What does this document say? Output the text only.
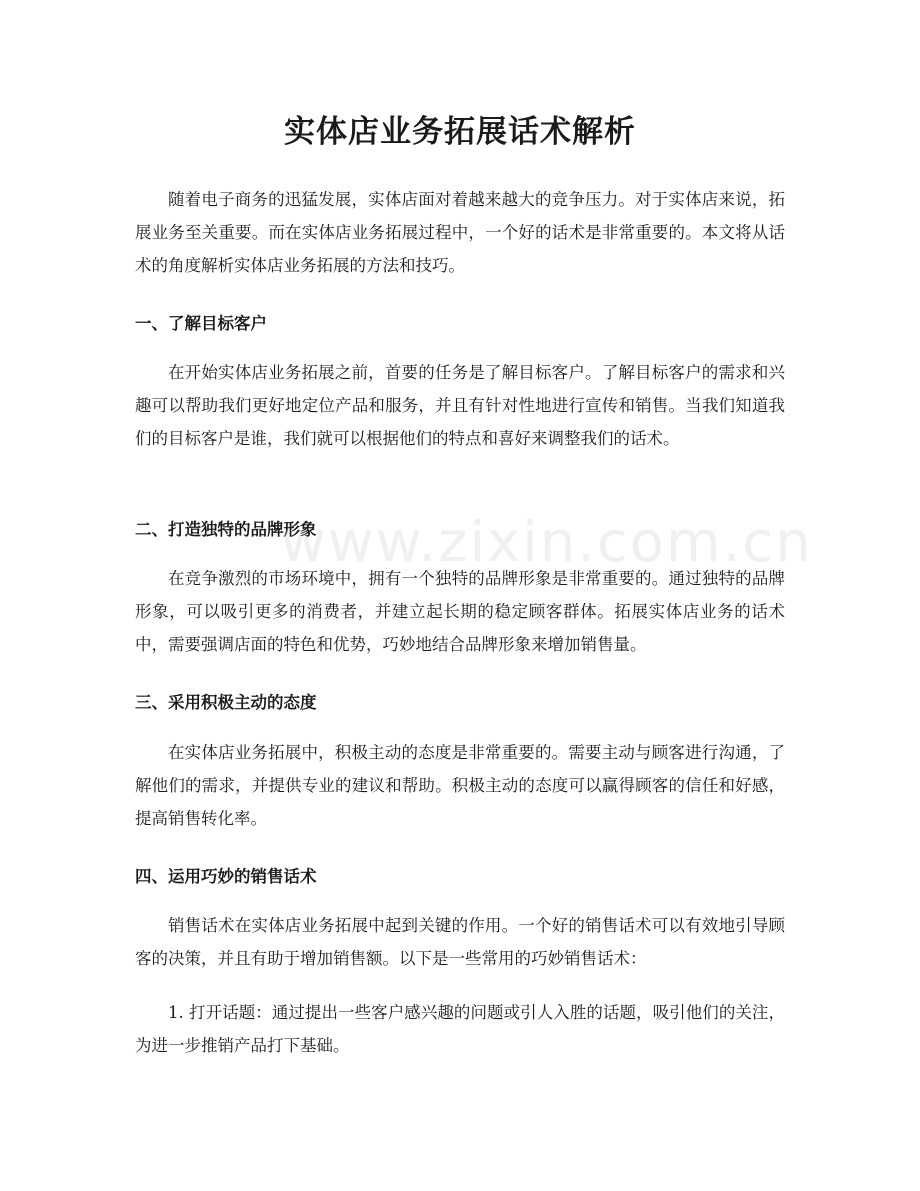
实体店业务拓展话术解析

随着电子商务的迅猛发展，实体店面对着越来越大的竞争压力。对于实体店来说，拓展业务至关重要。而在实体店业务拓展过程中，一个好的话术是非常重要的。本文将从话术的角度解析实体店业务拓展的方法和技巧。

一、了解目标客户

在开始实体店业务拓展之前，首要的任务是了解目标客户。了解目标客户的需求和兴趣可以帮助我们更好地定位产品和服务，并且有针对性地进行宣传和销售。当我们知道我们的目标客户是谁，我们就可以根据他们的特点和喜好来调整我们的话术。

二、打造独特的品牌形象

在竞争激烈的市场环境中，拥有一个独特的品牌形象是非常重要的。通过独特的品牌形象，可以吸引更多的消费者，并建立起长期的稳定顾客群体。拓展实体店业务的话术中，需要强调店面的特色和优势，巧妙地结合品牌形象来增加销售量。

三、采用积极主动的态度

在实体店业务拓展中，积极主动的态度是非常重要的。需要主动与顾客进行沟通，了解他们的需求，并提供专业的建议和帮助。积极主动的态度可以赢得顾客的信任和好感，提高销售转化率。

四、运用巧妙的销售话术

销售话术在实体店业务拓展中起到关键的作用。一个好的销售话术可以有效地引导顾客的决策，并且有助于增加销售额。以下是一些常用的巧妙销售话术：

1. 打开话题：通过提出一些客户感兴趣的问题或引人入胜的话题，吸引他们的关注，为进一步推销产品打下基础。

www.zixin.com.cn
